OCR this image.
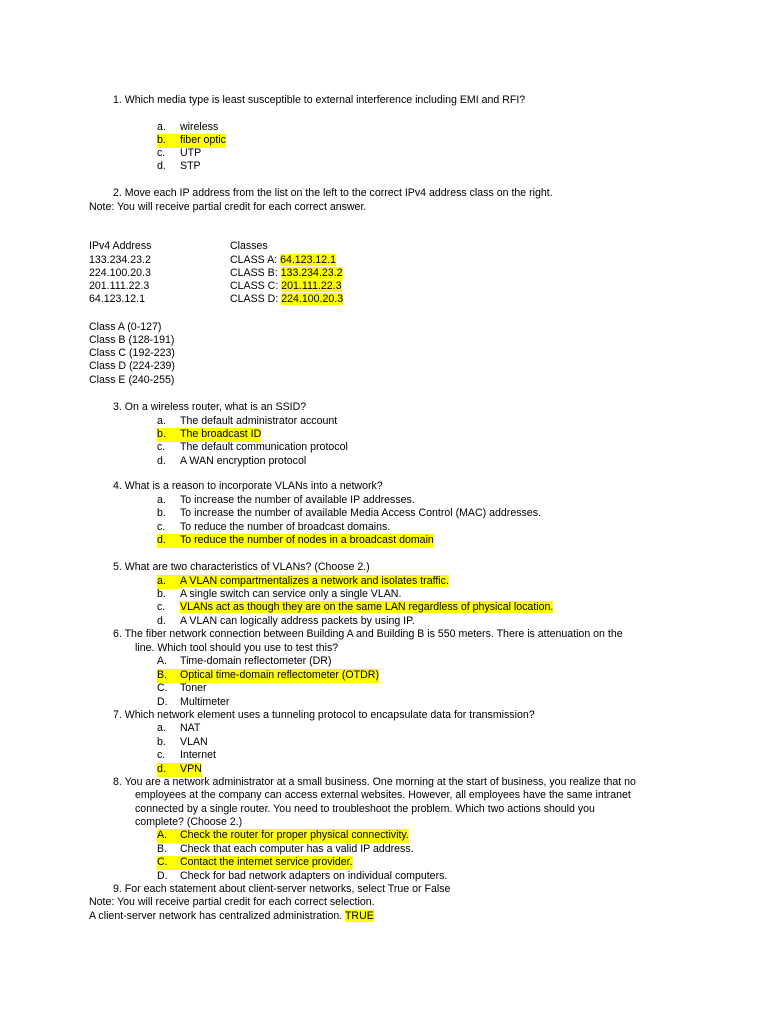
1. Which media type is least susceptible to external interference including EMI and RFI?
a. wireless
b. fiber optic
c. UTP
d. STP
2. Move each IP address from the list on the left to the correct IPv4 address class on the right.
Note: You will receive partial credit for each correct answer.
IPv4 Address
133.234.23.2
224.100.20.3
201.111.22.3
64.123.12.1
Classes
CLASS A: 64.123.12.1
CLASS B: 133.234.23.2
CLASS C: 201.111.22.3
CLASS D: 224.100.20.3
Class A (0-127)
Class B (128-191)
Class C (192-223)
Class D (224-239)
Class E (240-255)
3. On a wireless router, what is an SSID?
a. The default administrator account
b. The broadcast ID
c. The default communication protocol
d. A WAN encryption protocol
4. What is a reason to incorporate VLANs into a network?
a. To increase the number of available IP addresses.
b. To increase the number of available Media Access Control (MAC) addresses.
c. To reduce the number of broadcast domains.
d. To reduce the number of nodes in a broadcast domain
5. What are two characteristics of VLANs? (Choose 2.)
a. A VLAN compartmentalizes a network and isolates traffic.
b. A single switch can service only a single VLAN.
c. VLANs act as though they are on the same LAN regardless of physical location.
d. A VLAN can logically address packets by using IP.
6. The fiber network connection between Building A and Building B is 550 meters. There is attenuation on the
line. Which tool should you use to test this?
A. Time-domain reflectometer (DR)
B. Optical time-domain reflectometer (OTDR)
C. Toner
D. Multimeter
7. Which network element uses a tunneling protocol to encapsulate data for transmission?
a. NAT
b. VLAN
c. Internet
d. VPN
8. You are a network administrator at a small business. One morning at the start of business, you realize that no
employees at the company can access external websites. However, all employees have the same intranet
connected by a single router. You need to troubleshoot the problem. Which two actions should you
complete? (Choose 2.)
A. Check the router for proper physical connectivity.
B. Check that each computer has a valid IP address.
C. Contact the internet service provider.
D. Check for bad network adapters on individual computers.
9. For each statement about client-server networks, select True or False
Note: You will receive partial credit for each correct selection.
A client-server network has centralized administration. TRUE
